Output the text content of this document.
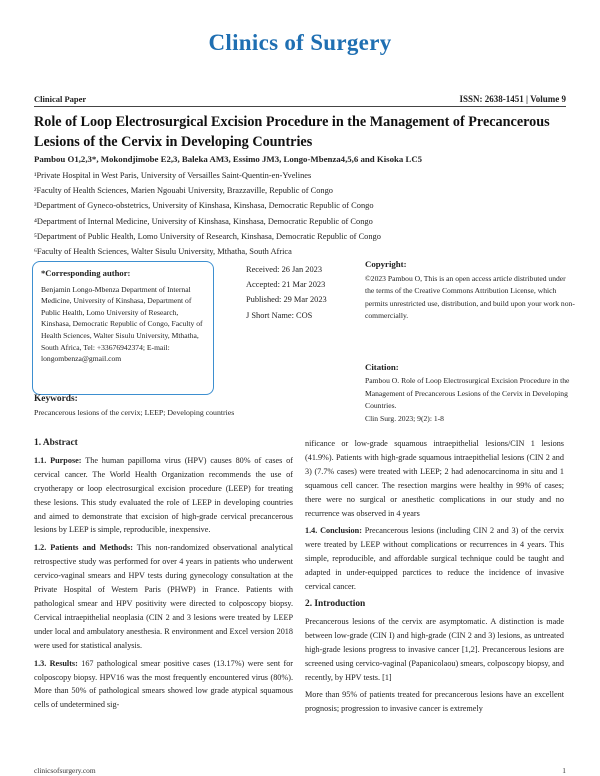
Clinics of Surgery
Clinical Paper	ISSN: 2638-1451 | Volume 9
Role of Loop Electrosurgical Excision Procedure in the Management of Precancerous Lesions of the Cervix in Developing Countries
Pambou O1,2,3*, Mokondjimobe E2,3, Baleka AM3, Essimo JM3, Longo-Mbenza4,5,6 and Kisoka LC5
¹Private Hospital in West Paris, University of Versailles Saint-Quentin-en-Yvelines
²Faculty of Health Sciences, Marien Ngouabi University, Brazzaville, Republic of Congo
³Department of Gyneco-obstetrics, University of Kinshasa, Kinshasa, Democratic Republic of Congo
⁴Department of Internal Medicine, University of Kinshasa, Kinshasa, Democratic Republic of Congo
⁵Department of Public Health, Lomo University of Research, Kinshasa, Democratic Republic of Congo
⁶Faculty of Health Sciences, Walter Sisulu University, Mthatha, South Africa
*Corresponding author:
Benjamin Longo-Mbenza Department of Internal Medicine, University of Kinshasa, Department of Public Health, Lomo University of Research, Kinshasa, Democratic Republic of Congo, Faculty of Health Sciences, Walter Sisulu University, Mthatha, South Africa, Tel: +33676942374; E-mail: longombenza@gmail.com
Received: 26 Jan 2023
Accepted: 21 Mar 2023
Published: 29 Mar 2023
J Short Name: COS
Copyright:
©2023 Pambou O, This is an open access article distributed under the terms of the Creative Commons Attribution License, which permits unrestricted use, distribution, and build upon your work non-commercially.
Citation:
Pambou O. Role of Loop Electrosurgical Excision Procedure in the Management of Precancerous Lesions of the Cervix in Developing Countries.
Clin Surg. 2023; 9(2): 1-8
Keywords:
Precancerous lesions of the cervix; LEEP; Developing countries
1. Abstract

1.1. Purpose: The human papilloma virus (HPV) causes 80% of cases of cervical cancer. The World Health Organization recommends the use of cryotherapy or loop electrosurgical excision procedure (LEEP) for treating these lesions. This study evaluated the role of LEEP in developing countries and aimed to demonstrate that excision of high-grade cervical precancerous lesions by LEEP is simple, reproducible, inexpensive.

1.2. Patients and Methods: This non-randomized observational analytical retrospective study was performed for over 4 years in patients who underwent cervico-vaginal smears and HPV tests during gynecology consultation at the Private Hospital of Western Paris (PHWP) in France. Patients with pathological smear and HPV positivity were directed to colposcopy biopsy. Cervical intraepithelial neoplasia (CIN 2 and 3 lesions were treated by LEEP under local and ambulatory anesthesia. R environment and Excel version 2018 were used for statistical analysis.

1.3. Results: 167 pathological smear positive cases (13.17%) were sent for colposcopy biopsy. HPV16 was the most frequently encountered virus (80%). More than 50% of pathological smears showed low grade atypical squamous cells of undetermined sig-

nificance or low-grade squamous intraepithelial lesions/CIN 1 lesions (41.9%). Patients with high-grade squamous intraepithelial lesions (CIN 2 and 3) (7.7% cases) were treated with LEEP; 2 had adenocarcinoma in situ and 1 squamous cell cancer. The resection margins were healthy in 99% of cases; there were no surgical or anesthetic complications in our study and no recurrence was observed in 4 years

1.4. Conclusion: Precancerous lesions (including CIN 2 and 3) of the cervix were treated by LEEP without complications or recurrences in 4 years. This simple, reproducible, and affordable surgical technique could be taught and adapted in under-equipped parctices to reduce the incidence of invasive cervical cancer.

2. Introduction

Precancerous lesions of the cervix are asymptomatic. A distinction is made between low-grade (CIN I) and high-grade (CIN 2 and 3) lesions, as untreated high-grade lesions progress to invasive cancer [1,2]. Precancerous lesions are screened using cervico-vaginal (Papanicolaou) smears, colposcopy biopsy, and recently, by HPV tests. [1]

More than 95% of patients treated for precancerous lesions have an excellent prognosis; progression to invasive cancer is extremely

clinicsofsurgery.com	1
